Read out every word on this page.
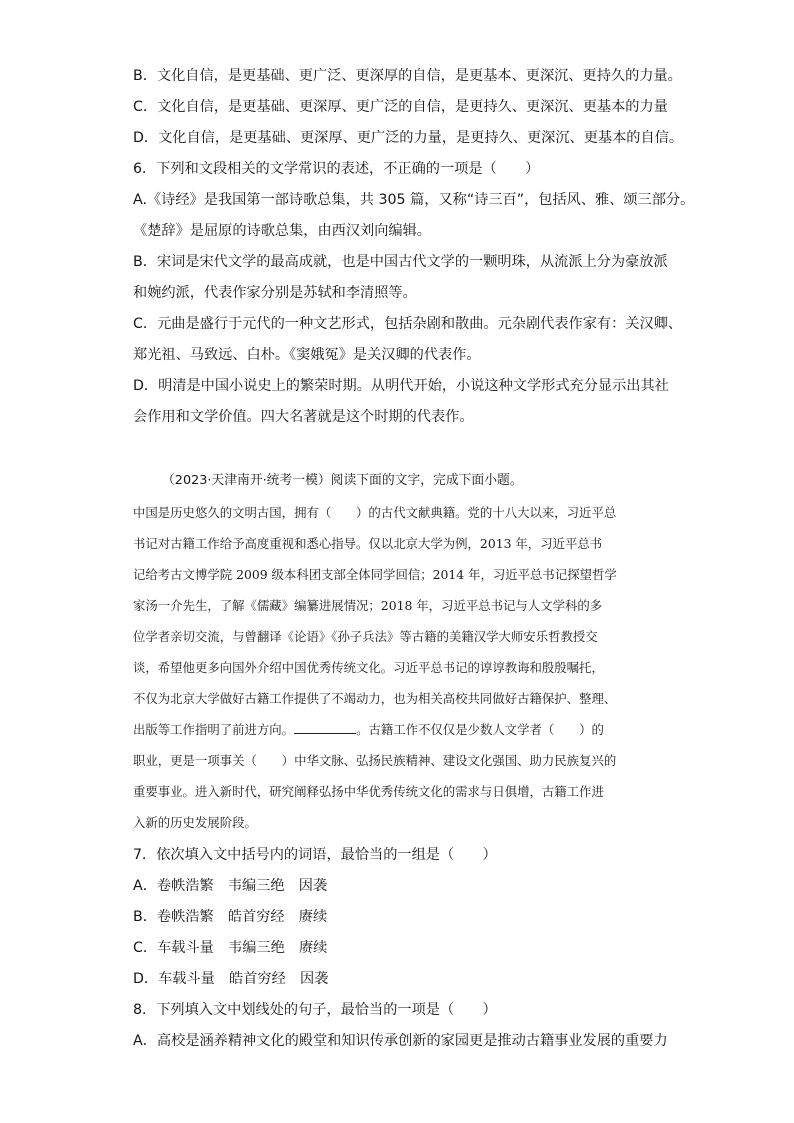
B．文化自信，是更基础、更广泛、更深厚的自信，是更基本、更深沉、更持久的力量。
C．文化自信，是更基础、更深厚、更广泛的自信，是更持久、更深沉、更基本的力量
D．文化自信，是更基础、更深厚、更广泛的力量，是更持久、更深沉、更基本的自信。
6．下列和文段相关的文学常识的表述，不正确的一项是（　　）
A.《诗经》是我国第一部诗歌总集，共 305 篇，又称“诗三百”，包括风、雅、颂三部分。
《楚辞》是屈原的诗歌总集，由西汉刘向编辑。
B．宋词是宋代文学的最高成就，也是中国古代文学的一颗明珠，从流派上分为豪放派
和婉约派，代表作家分别是苏轼和李清照等。
C．元曲是盛行于元代的一种文艺形式，包括杂剧和散曲。元杂剧代表作家有：关汉卿、
郑光祖、马致远、白朴。《窦娥冤》是关汉卿的代表作。
D．明清是中国小说史上的繁荣时期。从明代开始，小说这种文学形式充分显示出其社
会作用和文学价值。四大名著就是这个时期的代表作。
（2023·天津南开·统考一模）阅读下面的文字，完成下面小题。
中国是历史悠久的文明古国，拥有（　　）的古代文献典籍。党的十八大以来，习近平总
书记对古籍工作给予高度重视和悉心指导。仅以北京大学为例，2013 年，习近平总书
记给考古文博学院 2009 级本科团支部全体同学回信；2014 年，习近平总书记探望哲学
家汤一介先生，了解《儒藏》编纂进展情况；2018 年，习近平总书记与人文学科的多
位学者亲切交流，与曾翻译《论语》《孙子兵法》等古籍的美籍汉学大师安乐哲教授交
谈，希望他更多向国外介绍中国优秀传统文化。习近平总书记的谆谆教诲和殷殷嘱托，
不仅为北京大学做好古籍工作提供了不竭动力，也为相关高校共同做好古籍保护、整理、
出版等工作指明了前进方向。	。古籍工作不仅仅是少数人文学者（　　）的
职业，更是一项事关（　　）中华文脉、弘扬民族精神、建设文化强国、助力民族复兴的
重要事业。进入新时代，研究阐释弘扬中华优秀传统文化的需求与日俱增，古籍工作进
入新的历史发展阶段。
7．依次填入文中括号内的词语，最恰当的一组是（　　）
A．卷帙浩繁　韦编三绝　因袭
B．卷帙浩繁　皓首穷经　赓续
C．车载斗量　韦编三绝　赓续
D．车载斗量　皓首穷经　因袭
8．下列填入文中划线处的句子，最恰当的一项是（　　）
A．高校是涵养精神文化的殿堂和知识传承创新的家园更是推动古籍事业发展的重要力
